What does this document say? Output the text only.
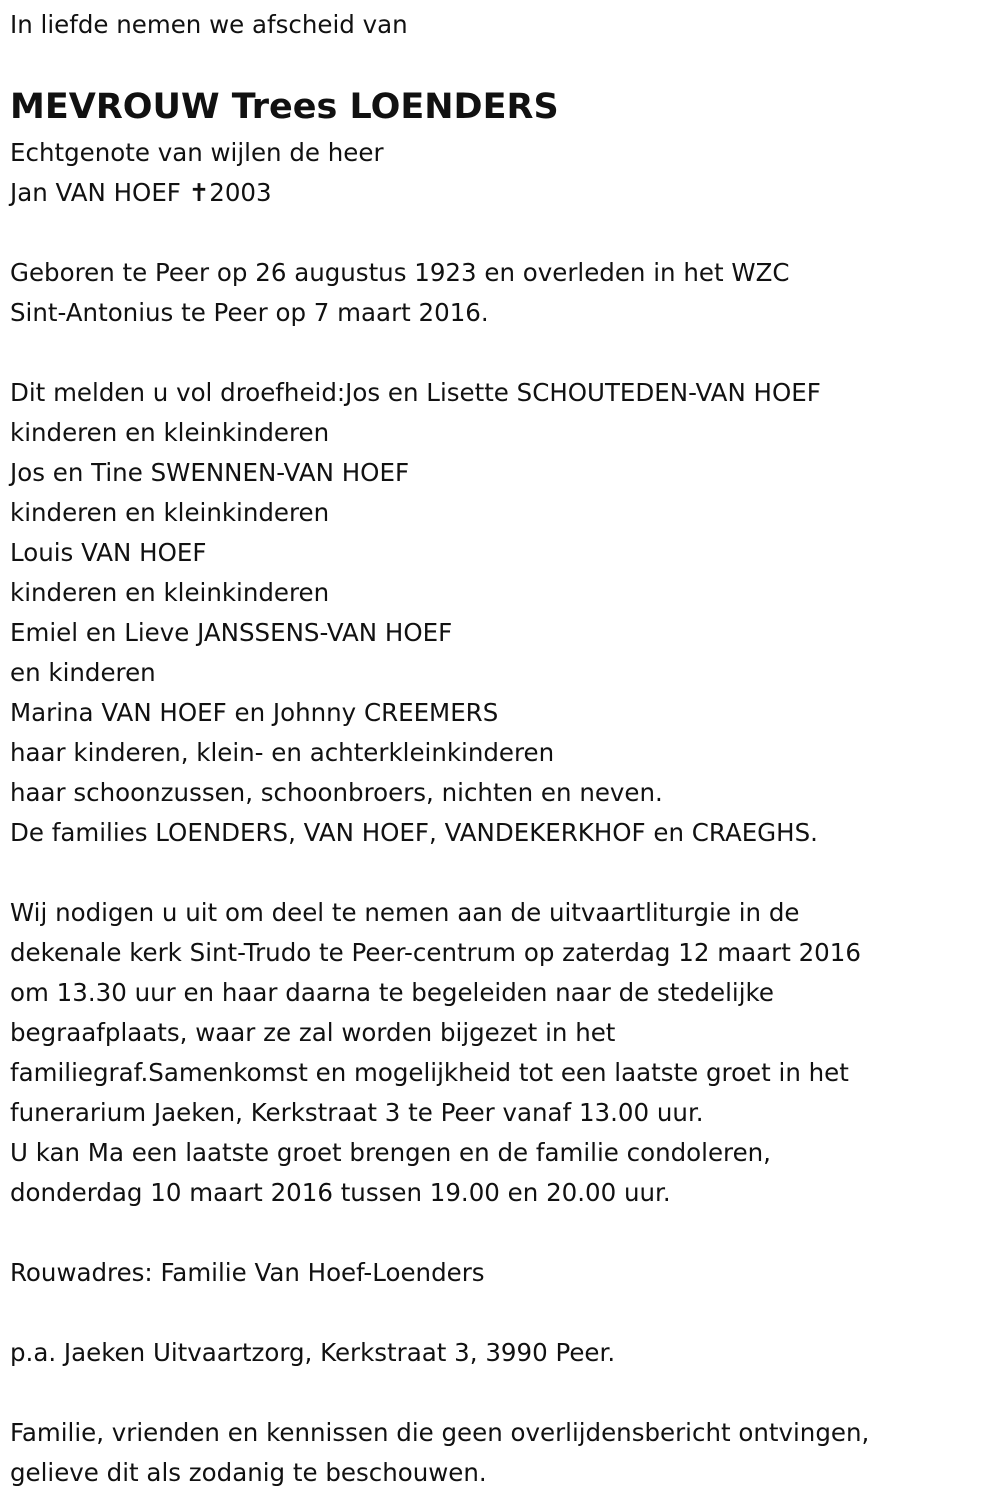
In liefde nemen we afscheid van
MEVROUW Trees LOENDERS
Echtgenote van wijlen de heer
Jan VAN HOEF ✝2003
Geboren te Peer op 26 augustus 1923 en overleden in het WZC
Sint-Antonius te Peer op 7 maart 2016.
Dit melden u vol droefheid:Jos en Lisette SCHOUTEDEN-VAN HOEF
kinderen en kleinkinderen
Jos en Tine SWENNEN-VAN HOEF
kinderen en kleinkinderen
Louis VAN HOEF
kinderen en kleinkinderen
Emiel en Lieve JANSSENS-VAN HOEF
en kinderen
Marina VAN HOEF en Johnny CREEMERS
haar kinderen, klein- en achterkleinkinderen
haar schoonzussen, schoonbroers, nichten en neven.
De families LOENDERS, VAN HOEF, VANDEKERKHOF en CRAEGHS.
Wij nodigen u uit om deel te nemen aan de uitvaartliturgie in de
dekenale kerk Sint-Trudo te Peer-centrum op zaterdag 12 maart 2016
om 13.30 uur en haar daarna te begeleiden naar de stedelijke
begraafplaats, waar ze zal worden bijgezet in het
familiegraf.Samenkomst en mogelijkheid tot een laatste groet in het
funerarium Jaeken, Kerkstraat 3 te Peer vanaf 13.00 uur.
U kan Ma een laatste groet brengen en de familie condoleren,
donderdag 10 maart 2016 tussen 19.00 en 20.00 uur.
Rouwadres: Familie Van Hoef-Loenders
p.a. Jaeken Uitvaartzorg, Kerkstraat 3, 3990 Peer.
Familie, vrienden en kennissen die geen overlijdensbericht ontvingen,
gelieve dit als zodanig te beschouwen.
